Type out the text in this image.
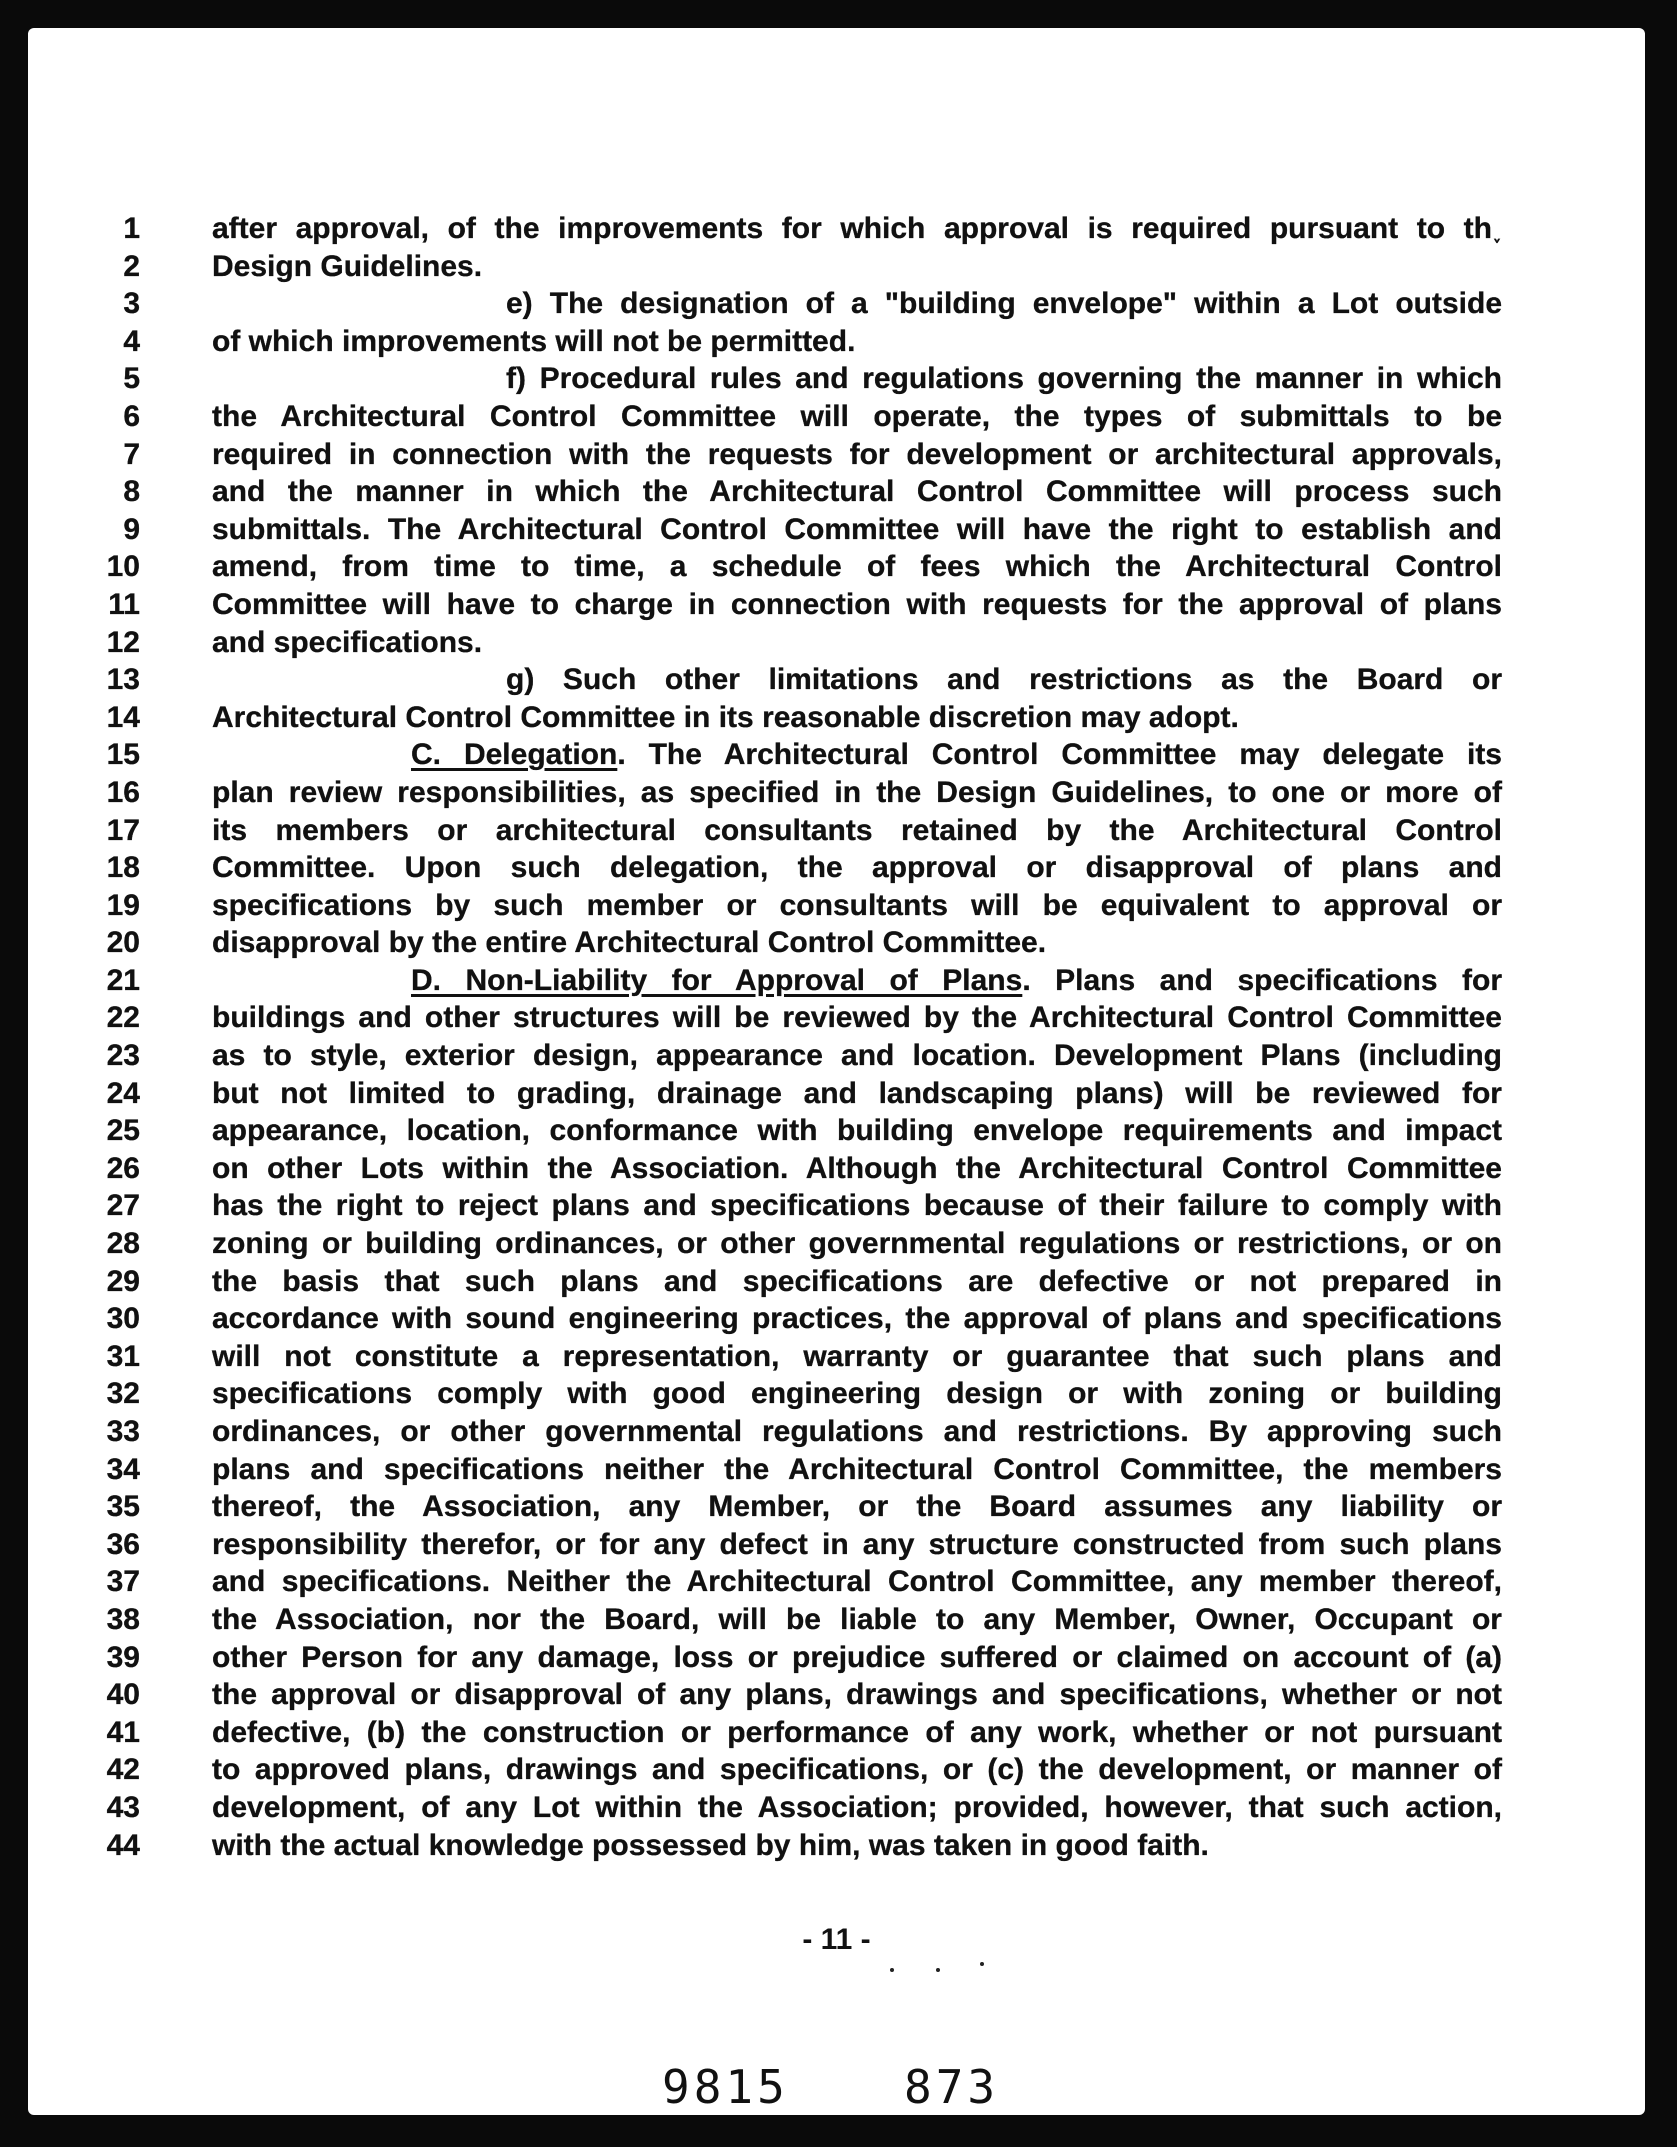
1 after approval, of the improvements for which approval is required pursuant to th˯
2 Design Guidelines.
3	e) The designation of a "building envelope" within a Lot outside
4 of which improvements will not be permitted.
5	f) Procedural rules and regulations governing the manner in which
6 the Architectural Control Committee will operate, the types of submittals to be
7 required in connection with the requests for development or architectural approvals,
8 and the manner in which the Architectural Control Committee will process such
9 submittals. The Architectural Control Committee will have the right to establish and
10 amend, from time to time, a schedule of fees which the Architectural Control
11 Committee will have to charge in connection with requests for the approval of plans
12 and specifications.
13	g) Such other limitations and restrictions as the Board or
14 Architectural Control Committee in its reasonable discretion may adopt.
15	C. Delegation. The Architectural Control Committee may delegate its
16 plan review responsibilities, as specified in the Design Guidelines, to one or more of
17 its members or architectural consultants retained by the Architectural Control
18 Committee. Upon such delegation, the approval or disapproval of plans and
19 specifications by such member or consultants will be equivalent to approval or
20 disapproval by the entire Architectural Control Committee.
21	D. Non-Liability for Approval of Plans. Plans and specifications for
22 buildings and other structures will be reviewed by the Architectural Control Committee
23 as to style, exterior design, appearance and location. Development Plans (including
24 but not limited to grading, drainage and landscaping plans) will be reviewed for
25 appearance, location, conformance with building envelope requirements and impact
26 on other Lots within the Association. Although the Architectural Control Committee
27 has the right to reject plans and specifications because of their failure to comply with
28 zoning or building ordinances, or other governmental regulations or restrictions, or on
29 the basis that such plans and specifications are defective or not prepared in
30 accordance with sound engineering practices, the approval of plans and specifications
31 will not constitute a representation, warranty or guarantee that such plans and
32 specifications comply with good engineering design or with zoning or building
33 ordinances, or other governmental regulations and restrictions. By approving such
34 plans and specifications neither the Architectural Control Committee, the members
35 thereof, the Association, any Member, or the Board assumes any liability or
36 responsibility therefor, or for any defect in any structure constructed from such plans
37 and specifications. Neither the Architectural Control Committee, any member thereof,
38 the Association, nor the Board, will be liable to any Member, Owner, Occupant or
39 other Person for any damage, loss or prejudice suffered or claimed on account of (a)
40 the approval or disapproval of any plans, drawings and specifications, whether or not
41 defective, (b) the construction or performance of any work, whether or not pursuant
42 to approved plans, drawings and specifications, or (c) the development, or manner of
43 development, of any Lot within the Association; provided, however, that such action,
44 with the actual knowledge possessed by him, was taken in good faith.
- 11 -
9815	873
